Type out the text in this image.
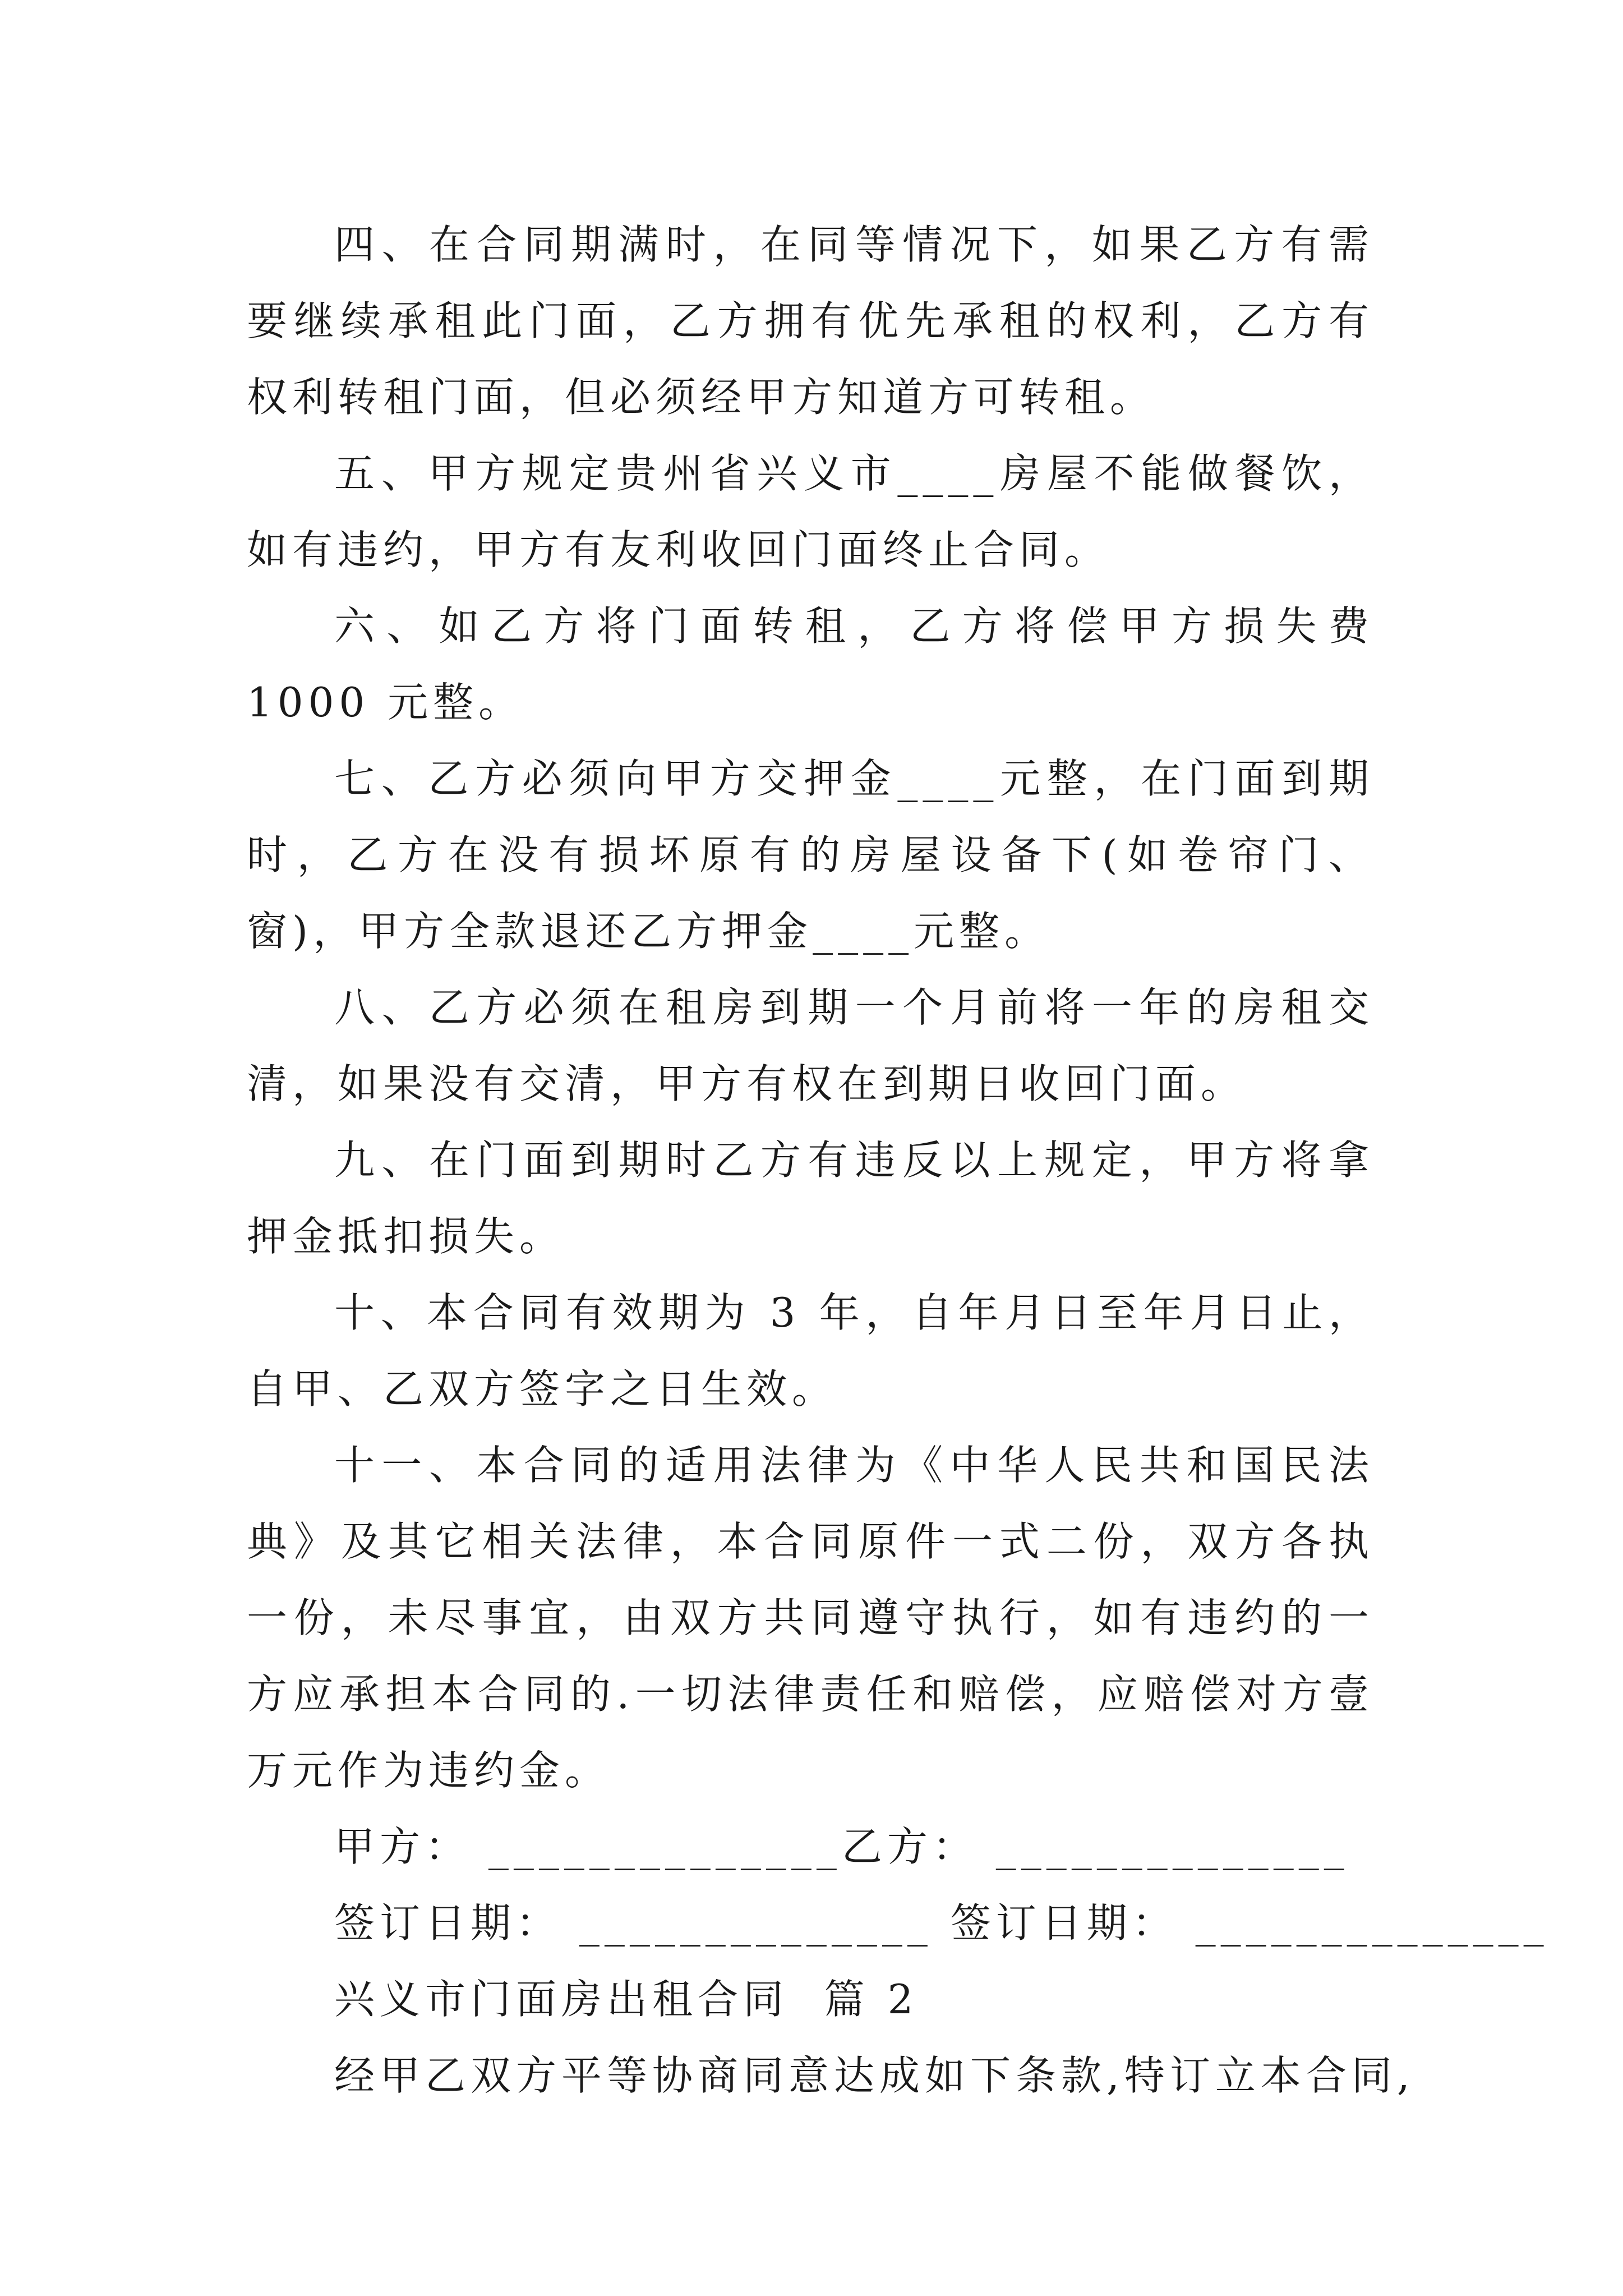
四、在合同期满时，在同等情况下，如果乙方有需要继续承租此门面，乙方拥有优先承租的权利，乙方有权利转租门面，但必须经甲方知道方可转租。

五、甲方规定贵州省兴义市____房屋不能做餐饮，如有违约，甲方有友利收回门面终止合同。

六、如乙方将门面转租，乙方将偿甲方损失费 1000 元整。

七、乙方必须向甲方交押金____元整，在门面到期时，乙方在没有损坏原有的房屋设备下(如卷帘门、窗)，甲方全款退还乙方押金____元整。

八、乙方必须在租房到期一个月前将一年的房租交清，如果没有交清，甲方有权在到期日收回门面。

九、在门面到期时乙方有违反以上规定，甲方将拿押金抵扣损失。

十、本合同有效期为 3 年，自年月日至年月日止，自甲、乙双方签字之日生效。

十一、本合同的适用法律为《中华人民共和国民法典》及其它相关法律，本合同原件一式二份，双方各执一份，未尽事宜，由双方共同遵守执行，如有违约的一方应承担本合同的.一切法律责任和赔偿，应赔偿对方壹万元作为违约金。

甲方： ______________乙方： ______________

签订日期： ______________ 签订日期： ______________

兴义市门面房出租合同  篇 2

经甲乙双方平等协商同意达成如下条款,特订立本合同,
